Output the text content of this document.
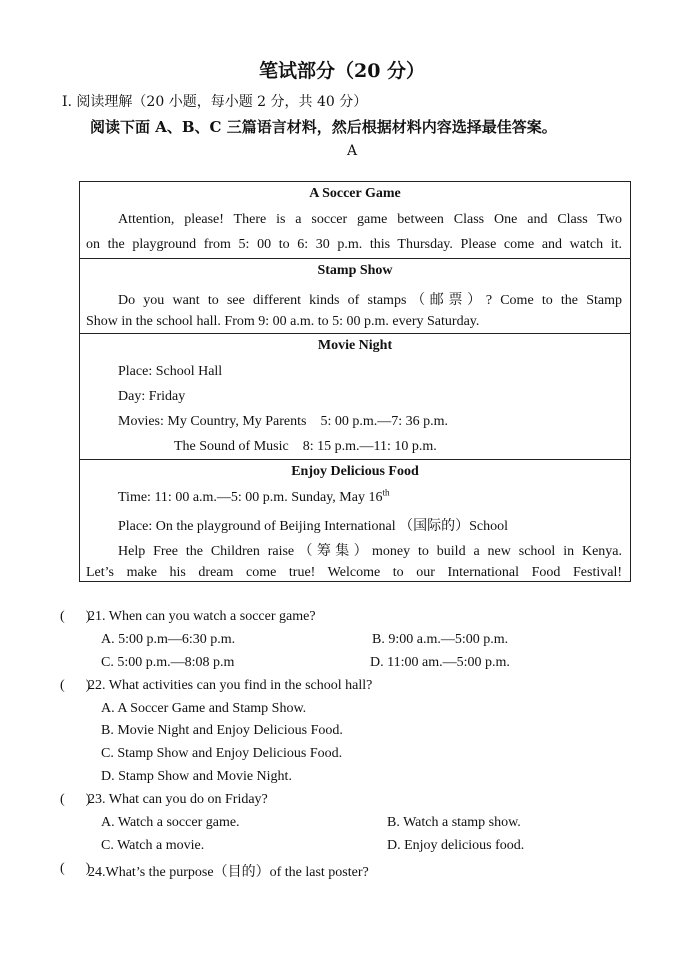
笔试部分（20 分）
Ⅰ. 阅读理解（20 小题，每小题 2 分，共 40 分）
阅读下面 A、B、C 三篇语言材料，然后根据材料内容选择最佳答案。
A
A Soccer Game
Attention, please! There is a soccer game between Class One and Class Two
on the playground from 5: 00 to 6: 30 p.m. this Thursday. Please come and watch it.
Stamp Show
Do you want to see different kinds of stamps（邮票）? Come to the Stamp
Show in the school hall. From 9: 00 a.m. to 5: 00 p.m. every Saturday.
Movie Night
Place: School Hall
Day: Friday
Movies: My Country, My Parents    5: 00 p.m.—7: 36 p.m.
The Sound of Music    8: 15 p.m.—11: 10 p.m.
Enjoy Delicious Food
Time: 11: 00 a.m.—5: 00 p.m. Sunday, May 16th
Place: On the playground of Beijing International （国际的）School
Help Free the Children raise（筹集）money to build a new school in Kenya.
Let’s make his dream come true! Welcome to our International Food Festival!
(      )
21. When can you watch a soccer game?
A. 5:00 p.m—6:30 p.m.	B. 9:00 a.m.—5:00 p.m.
C. 5:00 p.m.—8:08 p.m	D. 11:00 am.—5:00 p.m.
(      )
22. What activities can you find in the school hall?
A. A Soccer Game and Stamp Show.
B. Movie Night and Enjoy Delicious Food.
C. Stamp Show and Enjoy Delicious Food.
D. Stamp Show and Movie Night.
(      )
23. What can you do on Friday?
A. Watch a soccer game.	B. Watch a stamp show.
C. Watch a movie.	D. Enjoy delicious food.
(      )
24.What’s the purpose（目的）of the last poster?
